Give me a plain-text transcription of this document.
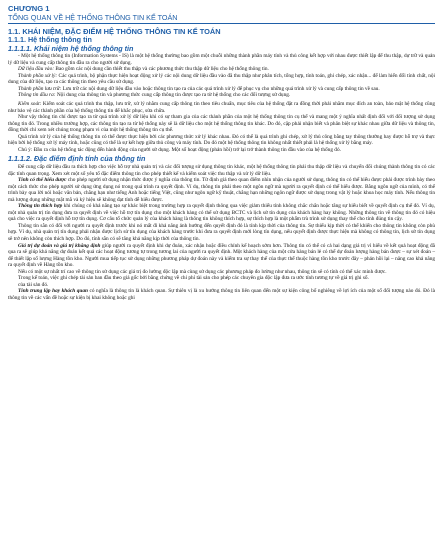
CHƯƠNG 1
TỔNG QUAN VỀ HỆ THỐNG THÔNG TIN KẾ TOÁN
1.1. KHÁI NIỆM, ĐẶC ĐIỂM HỆ THỐNG THÔNG TIN KẾ TOÁN
1.1.1. Hệ thống thông tin
1.1.1.1. Khái niệm hệ thống thông tin

- Một hệ thống thông tin (Information Systems - IS) là một hệ thống thường bao gồm một chuỗi những thành phần máy tính và thủ công kết hợp với nhau được thiết lập để thu thập, dự trữ và quản lý dữ liệu và cung cấp thông tin đầu ra cho người sử dụng.

Dữ liệu đầu vào: Bao gồm các nội dung cần thiết thu thập và các phương thức thu thập dữ liệu cho hệ thống thông tin.

Thành phần xử lý: Các quá trình, bộ phận thực hiện hoạt động xử lý các nội dung dữ liệu đầu vào đã thu thập như phân tích, tổng hợp, tính toán, ghi chép, xác nhận... để làm hiển đối tính chất, nội dung của dữ liệu, tạo ra các thông tin theo yêu cầu sử dụng.

Thành phần lưu trữ: Lưu trữ các nội dung dữ liệu đầu vào hoặc thông tin tạo ra của các quá trình xử lý để phục vụ cho những quá trình xử lý và cung cấp thông tin về sau.

Thông tin đầu ra: Nội dung của thông tin và phương thức cung cấp thông tin được tạo ra từ hệ thống cho các đối tượng sử dụng.

Kiểm soát: Kiểm soát các quá trình thu thập, lưu trữ, xử lý nhằm cung cấp thông tin theo tiêu chuẩn, mục tiêu của hệ thống đặt ra đồng thời phải nhằm mục đích an toàn, bảo mật hệ thống cũng như bảo vệ các thành phần của hệ thống thông tin để khắc phục, sửa chữa.

Như vậy thông tin chỉ được tạo ra từ quá trình xử lý dữ liệu khi có sự tham gia của các thành phần của một hệ thống thông tin cụ thể và mang một ý nghĩa nhất định đối với đối tượng sử dụng thông tin đó. Trong nhiều trường hợp, các thông tin tạo ra từ hệ thống này sẽ là dữ liệu cho một hệ thống thông tin khác. Do đó, cặp phải nhận biết và phân biệt sự khác nhau giữa dữ liệu và thông tin, đồng thời chỉ xem xét chúng trong phạm vi của một hệ thống thông tin cụ thể.

Quá trình xử lý của hệ thống thông tin có thể được thực hiện bởi các phương thức xử lý khác nhau. Đó có thể là quá trình ghi chép, xử lý thủ công bằng tay thông thường hay được hỗ trợ và thực hiện bởi hệ thống xử lý máy tính, hoặc cũng có thể là sự kết hợp giữa thủ công và máy tính. Do đó một hệ thống thông tin không nhất thiết phải là hệ thống xử lý bằng máy.

Chú ý: Đầu ra của hệ thống tác động đến hành động của người sử dụng. Một số hoạt động (phản hồi) trở lại trở thành thông tin đầu vào của hệ thống đó.

1.1.1.2. Đặc điểm định tính của thông tin

Để cung cấp dữ liệu đầu ra thích hợp cho việc hỗ trợ nhà quản trị và các đối tượng sử dụng thông tin khác, một hệ thống thông tin phải thu thập dữ liệu và chuyển đổi chúng thành thông tin có các đặc tính quan trọng. Xem xét một số yêu tố đặc điểm thông tin cho phép thiết kế và kiểm soát việc thu thập và xử lý dữ liệu.

Tính có thể hiểu được cho phép người sử dụng nhận thức được ý nghĩa của thông tin. Từ định giá theo quan điểm nhìn nhận của người sử dụng, thông tin có thể hiểu được phải được trình bày theo một cách thức cho phép người sử dụng ứng dụng nó trong quá trình ra quyết định. Ví dụ, thông tin phải theo một ngôn ngữ mà người ra quyết định có thể hiểu được. Bằng ngôn ngữ của mình, có thể trình bày qua lời nói hoặc văn bản, chẳng hạn như tiếng Anh hoặc tiếng Việt, cũng như ngôn ngữ kỹ thuật, chẳng hạn những ngôn ngữ được sử dụng trong vật lý hoặc khoa học máy tính. Nếu thông tin mà lượng dụng những mặt mã và ký hiệu sẽ không đạt tính dễ hiểu được.

Thông tin thích hợp khi chúng có khả năng tạo sự khác biệt trong trường hợp ra quyết định thông qua việc giảm thiểu tính không chắc chắn hoặc tăng sự hiểu biết về quyết định cụ thể đó. Ví dụ, một nhà quản trị tín dụng đưa ra quyết định về việc hỗ trợ tín dụng cho một khách hàng có thể sử dụng BCTC và lịch sử tín dụng của khách hàng hay không. Những thông tin về thông tin đó có hiệu quả cho việc ra quyết định hỗ trợ tín dụng. Cơ câu tổ chức quản lý của khách hàng là thông tin không thích hợp, sự thích hợp là một phẩm trù trình sử dụng thay thế cho tính đúng tin cậy.

Thông tin sẵn có đối với người ra quyết định trước khi nó mất đi khả năng ảnh hưởng đến quyết định đó là tính kịp thời của thông tin. Sự thiếu kịp thời có thể khiến cho thông tin không còn phù hợp. Ví dụ, nhà quản trị tín dụng phải nhận được lịch sử tín dụng của khách hàng trước khi đưa ra quyết định mới lòng tín dụng, nếu quyết định được thực hiện mà không có thông tin, lịch sử tín dụng sẽ trở nên không còn thích hợp. Do đó, tính sẵn có sẽ tăng khả năng kịp thời của thông tin.

Giá trị dự đoán và giá trị khẳng định giúp người ra quyết định khi dự đoán, xác nhận hoặc điều chỉnh kế hoạch sớm hơn. Thông tin có thể có cả hai dạng giá trị vì hiểu về kết quả hoạt động đã qua ra sẽ giúp khả năng dự đoán kết quả các hoạt động tương tự trong tương lai của người ra quyết định. Một khách hàng của một cửa hàng bán lẻ có thể dự đoán lượng hàng bán được – sự xét đoán – để thiết lập số lượng Hàng tồn kho. Người mua tiếp tục sử dụng những phương pháp dự đoán này và kiểm tra sự thay thế của thực thể thuộc hàng tồn kho trước đây – phản hồi lại – nâng cao khả năng ra quyết định về Hàng tồn kho.

Nếu có một sự nhất trí cao về thông tin sử dụng các giá trị đo lường độc lập mà cùng sử dụng các phương pháp đo lường như nhau, thông tin sẽ có tính có thể xác minh được.

Trong kế toán, việc ghi chép tài sản ban đầu theo giá gốc bởi bằng chứng về chi phí tài sản cho phép các chuyên gia độc lập đưa ra ước tính tương tự về giá trị ghi sổ.

của tài sản đó.

Tính trung lập hay khách quan có nghĩa là thông tin là khách quan. Sự thiên vị là xu hướng thông tin liên quan đến một sự kiện công bố nghiêng về lợi ích của một số đối tượng nào đó. Đó là thông tin về các vấn đề hoặc sự kiện bị khai không hoặc ghi
